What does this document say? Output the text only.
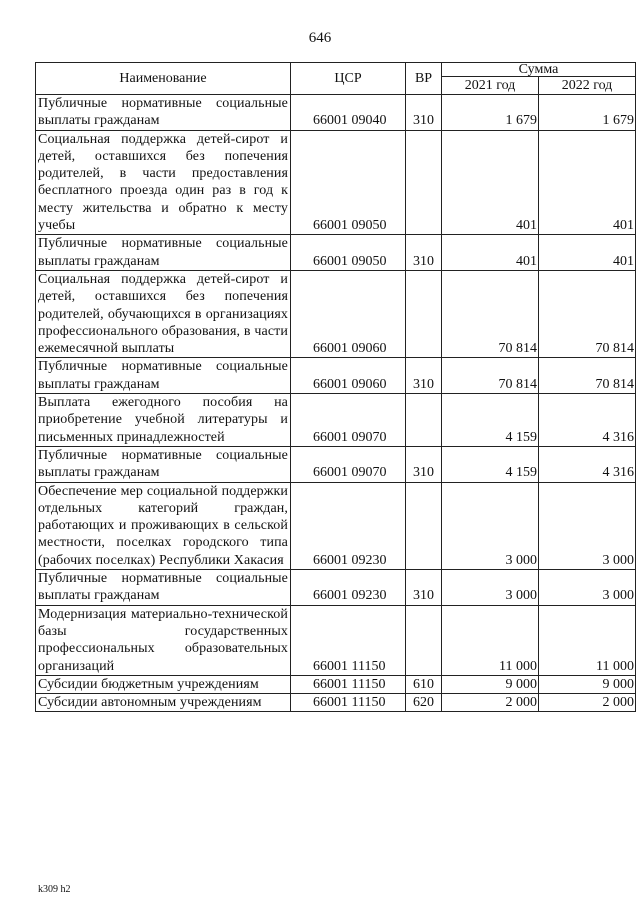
646
Наименование	ЦСР	ВР	Сумма	
			2021 год	2022 год
Публичные нормативные социальные выплаты гражданам	66001 09040	310	1 679	1 679
Социальная поддержка детей-сирот и детей, оставшихся без попечения родителей, в части предоставления бесплатного проезда один раз в год к месту жительства и обратно к месту учебы	66001 09050		401	401
Публичные нормативные социальные выплаты гражданам	66001 09050	310	401	401
Социальная поддержка детей-сирот и детей, оставшихся без попечения родителей, обучающихся в организациях профессионального образования, в части ежемесячной выплаты	66001 09060		70 814	70 814
Публичные нормативные социальные выплаты гражданам	66001 09060	310	70 814	70 814
Выплата ежегодного пособия на приобретение учебной литературы и письменных принадлежностей	66001 09070		4 159	4 316
Публичные нормативные социальные выплаты гражданам	66001 09070	310	4 159	4 316
Обеспечение мер социальной поддержки отдельных категорий граждан, работающих и проживающих в сельской местности, поселках городского типа (рабочих поселках) Республики Хакасия	66001 09230		3 000	3 000
Публичные нормативные социальные выплаты гражданам	66001 09230	310	3 000	3 000
Модернизация материально-технической базы государственных профессиональных образовательных организаций	66001 11150		11 000	11 000
Субсидии бюджетным учреждениям	66001 11150	610	9 000	9 000
Субсидии автономным учреждениям	66001 11150	620	2 000	2 000
k309 h2
